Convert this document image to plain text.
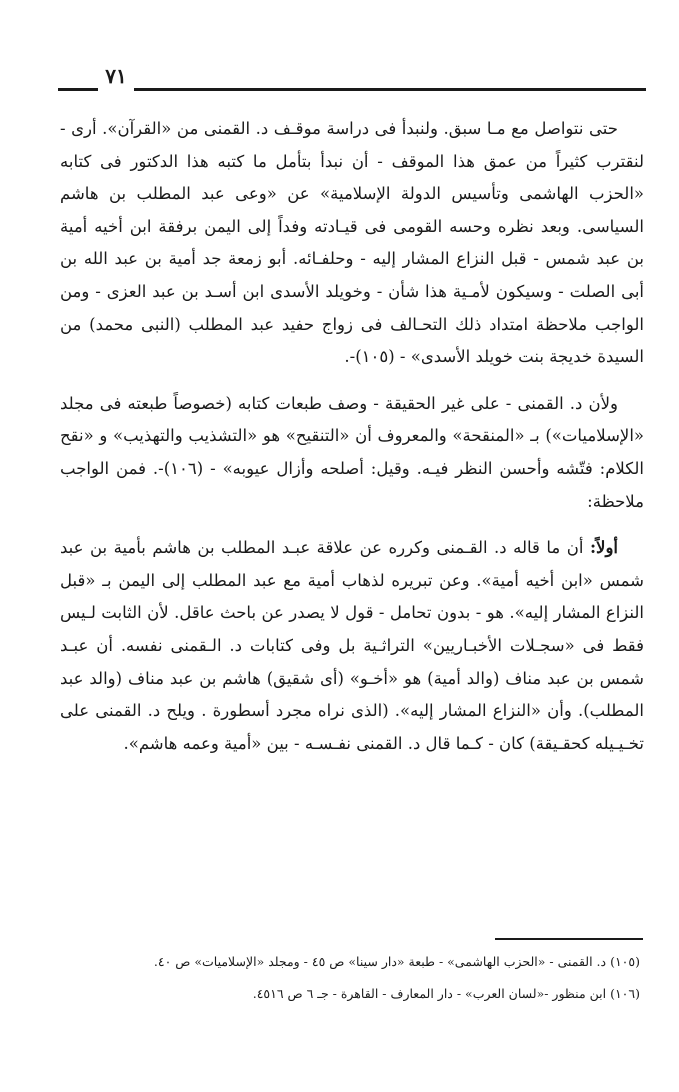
٧١

حتى نتواصل مع مـا سبق. ولنبدأ فى دراسة موقـف د. القمنى من «القرآن». أرى - لنقترب كثيراً من عمق هذا الموقف - أن نبدأ بتأمل ما كتبه هذا الدكتور فى كتابه «الحزب الهاشمى وتأسيس الدولة الإسلامية» عن «وعى عبد المطلب بن هاشم السياسى. وبعد نظره وحسه القومى فى قيـادته وفداً إلى اليمن برفقة ابن أخيه أمية بن عبد شمس - قبل النزاع المشار إليه - وحلفـائه. أبو زمعة جد أمية بن عبد الله بن أبى الصلت - وسيكون لأمـية هذا شأن - وخويلد الأسدى ابن أسـد بن عبد العزى - ومن الواجب ملاحظة امتداد ذلك التحـالف فى زواج حفيد عبد المطلب (النبى محمد) من السيدة خديجة بنت خويلد الأسدى» - (١٠٥)-.

ولأن د. القمنى - على غير الحقيقة - وصف طبعات كتابه (خصوصاً طبعته فى مجلد «الإسلاميات») بـ «المنقحة» والمعروف أن «التنقيح» هو «التشذيب والتهذيب» و «نقح الكلام: فتّشه وأحسن النظر فيـه. وقيل: أصلحه وأزال عيوبه» - (١٠٦)-. فمن الواجب ملاحظة:

أولاً: أن ما قاله د. القـمنى وكرره عن علاقة عبـد المطلب بن هاشم بأمية بن عبد شمس «ابن أخيه أمية». وعن تبريره لذهاب أمية مع عبد المطلب إلى اليمن بـ «قبل النزاع المشار إليه». هو - بدون تحامل - قول لا يصدر عن باحث عاقل. لأن الثابت لـيس فقط فى «سجـلات الأخبـاريين» التراثـية بل وفى كتابات د. الـقمنى نفسه. أن عبـد شمس بن عبد مناف (والد أمية) هو «أخـو» (أى شقيق) هاشم بن عبد مناف (والد عبد المطلب). وأن «النزاع المشار إليه». (الذى نراه مجرد أسطورة . ويلح د. القمنى على تخـيـيله كحقـيقة) كان - كـما قال د. القمنى نفـسـه - بين «أمية وعمه هاشم».

(١٠٥) د. القمنى - «الحزب الهاشمى» - طبعة «دار سينا» ص ٤٥ - ومجلد «الإسلاميات» ص ٤٠.
(١٠٦) ابن منظور -«لسان العرب» - دار المعارف - القاهرة - جـ ٦ ص ٤٥١٦.
